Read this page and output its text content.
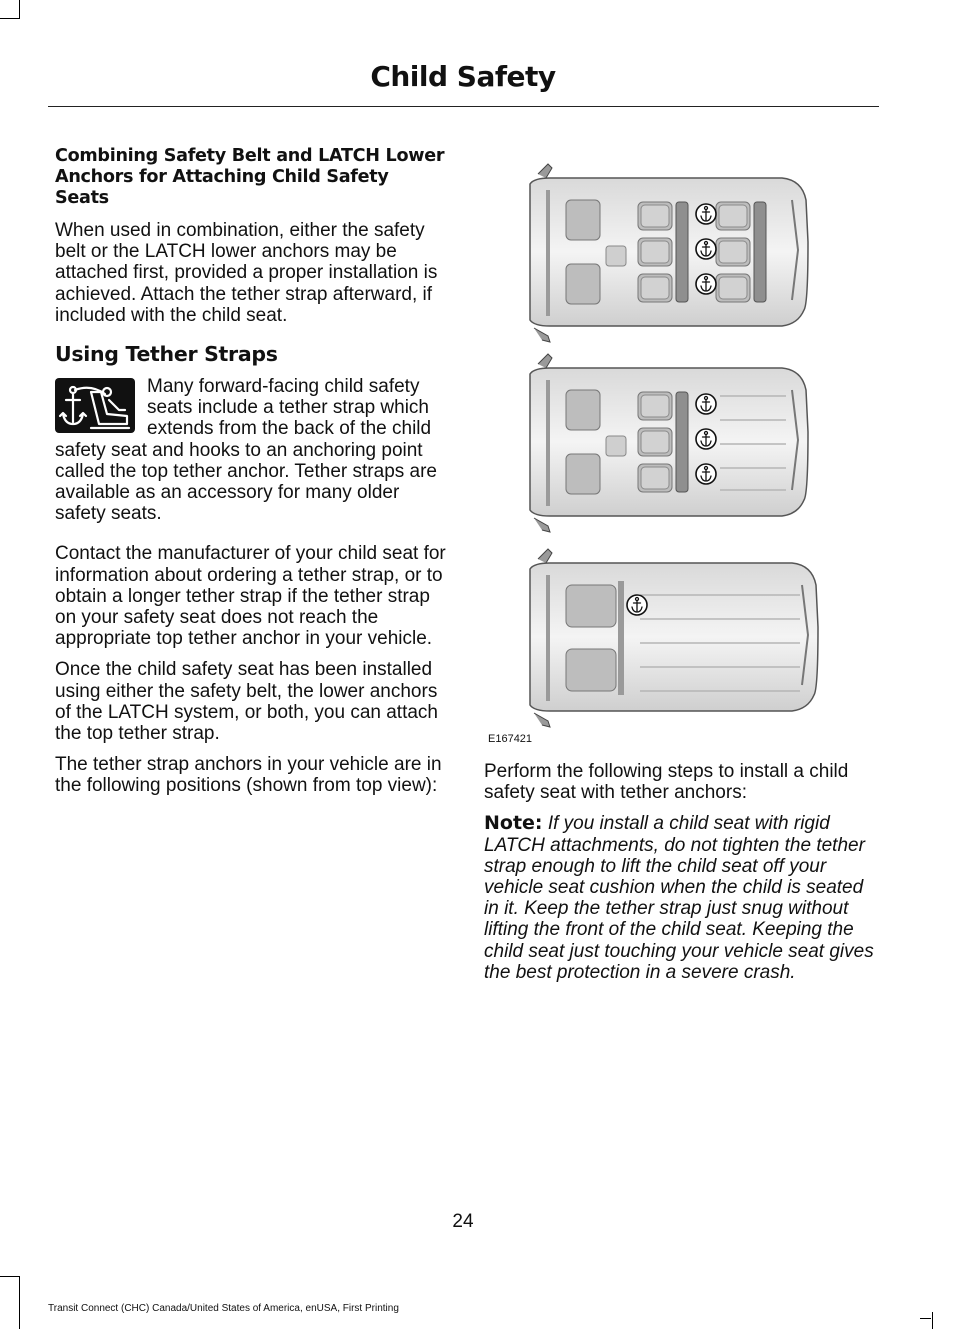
Child Safety
Combining Safety Belt and LATCH Lower Anchors for Attaching Child Safety Seats

When used in combination, either the safety belt or the LATCH lower anchors may be attached first, provided a proper installation is achieved. Attach the tether strap afterward, if included with the child seat.

Using Tether Straps

Many forward-facing child safety seats include a tether strap which extends from the back of the child safety seat and hooks to an anchoring point called the top tether anchor. Tether straps are available as an accessory for many older safety seats.

Contact the manufacturer of your child seat for information about ordering a tether strap, or to obtain a longer tether strap if the tether strap on your safety seat does not reach the appropriate top tether anchor in your vehicle.

Once the child safety seat has been installed using either the safety belt, the lower anchors of the LATCH system, or both, you can attach the top tether strap.

The tether strap anchors in your vehicle are in the following positions (shown from top view):

E167421

Perform the following steps to install a child safety seat with tether anchors:

Note: If you install a child seat with rigid LATCH attachments, do not tighten the tether strap enough to lift the child seat off your vehicle seat cushion when the child is seated in it. Keep the tether strap just snug without lifting the front of the child seat. Keeping the child seat just touching your vehicle seat gives the best protection in a severe crash.

24
Transit Connect (CHC) Canada/United States of America, enUSA, First Printing
